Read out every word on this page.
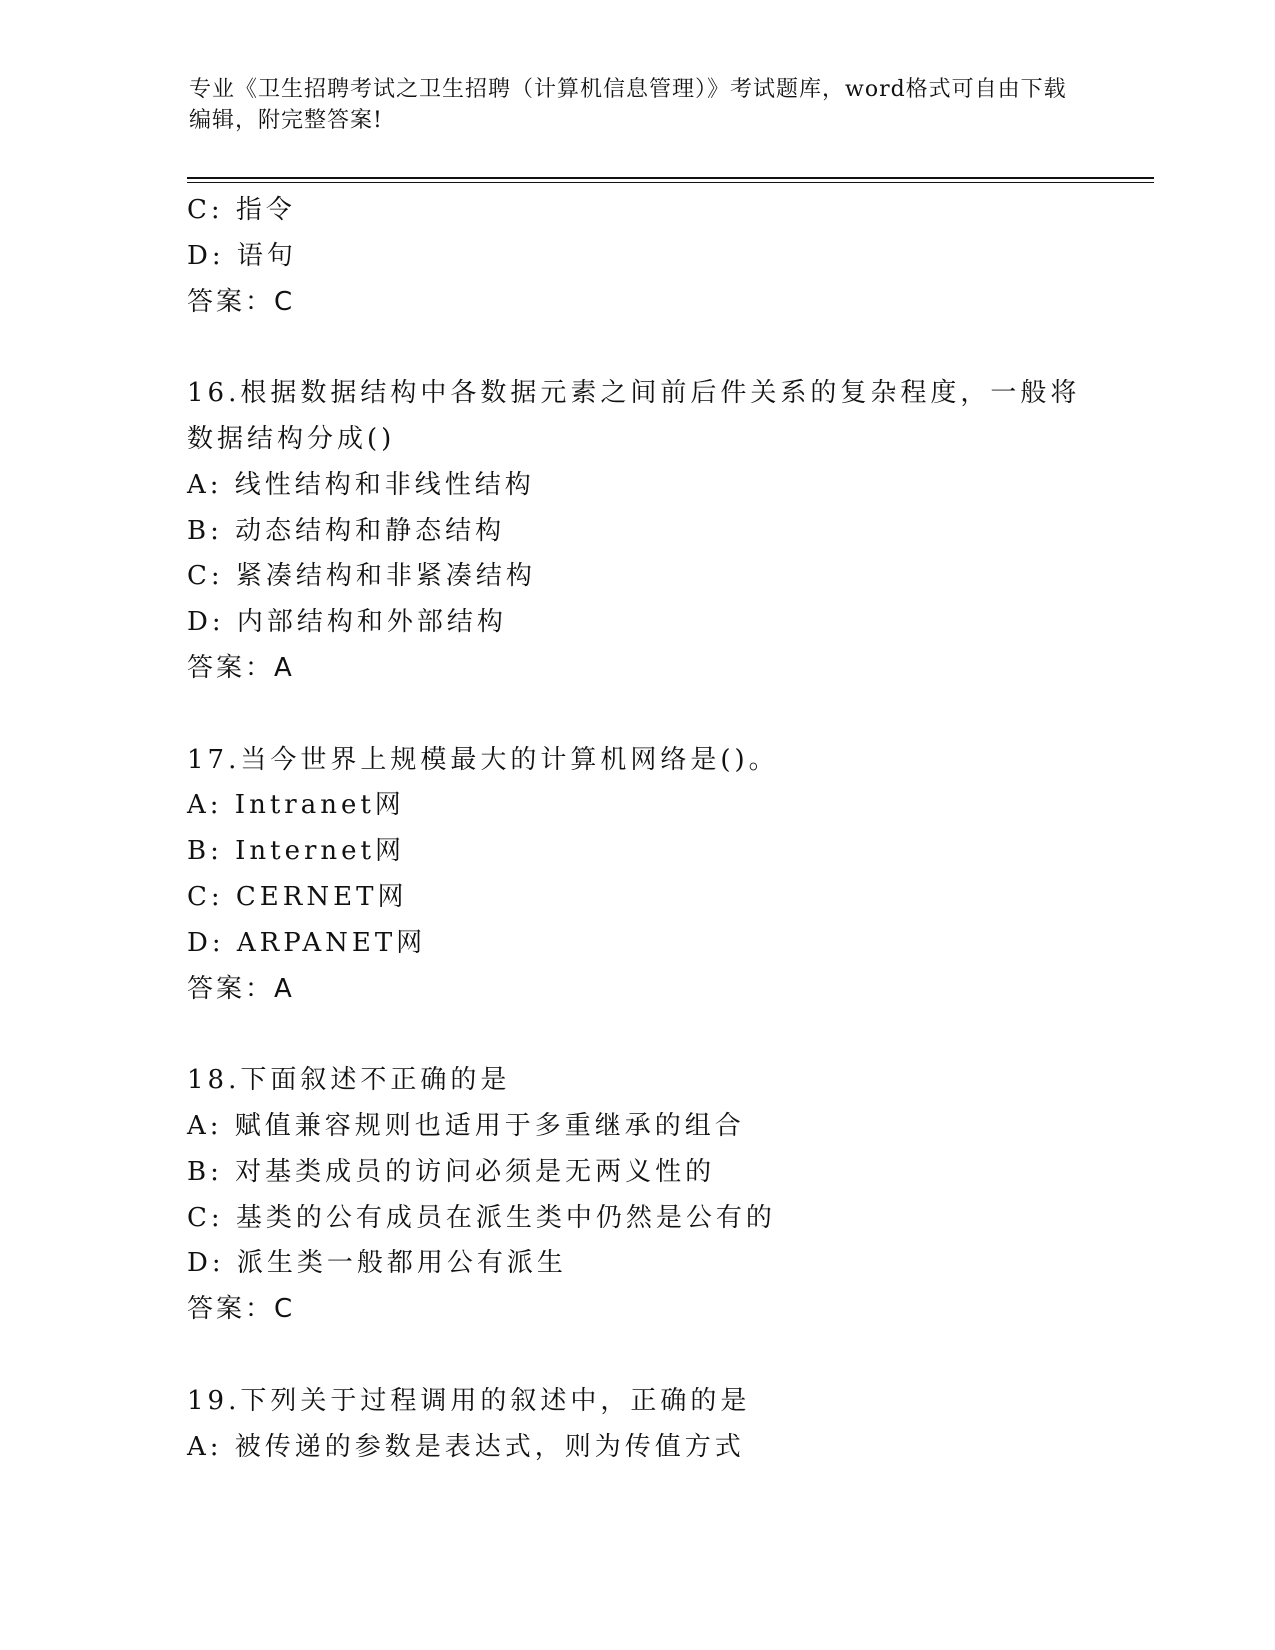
专业《卫生招聘考试之卫生招聘（计算机信息管理）》考试题库，word格式可自由下载编辑，附完整答案!
C: 指令
D: 语句
答案：C
16.根据数据结构中各数据元素之间前后件关系的复杂程度，一般将数据结构分成()
A: 线性结构和非线性结构
B: 动态结构和静态结构
C: 紧凑结构和非紧凑结构
D: 内部结构和外部结构
答案：A
17.当今世界上规模最大的计算机网络是()。
A: Intranet网
B: Internet网
C: CERNET网
D: ARPANET网
答案：A
18.下面叙述不正确的是
A: 赋值兼容规则也适用于多重继承的组合
B: 对基类成员的访问必须是无两义性的
C: 基类的公有成员在派生类中仍然是公有的
D: 派生类一般都用公有派生
答案：C
19.下列关于过程调用的叙述中，正确的是
A: 被传递的参数是表达式，则为传值方式
